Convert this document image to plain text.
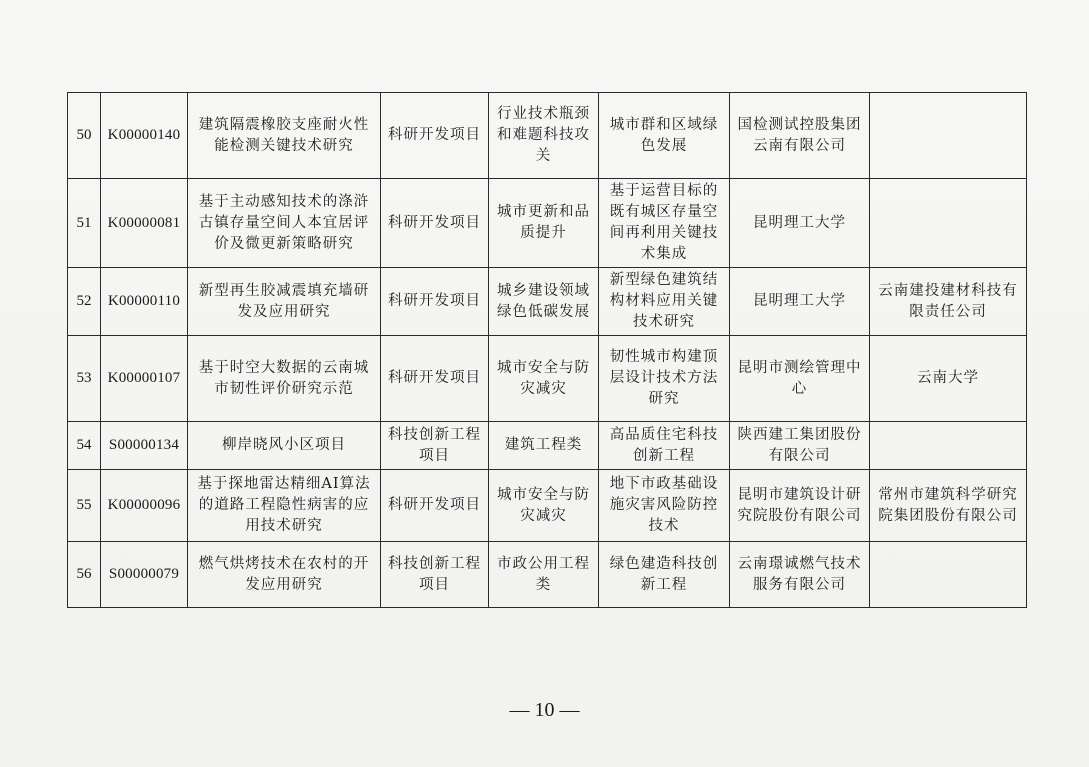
50	K00000140	建筑隔震橡胶支座耐火性能检测关键技术研究	科研开发项目	行业技术瓶颈和难题科技攻关	城市群和区域绿色发展	国检测试控股集团云南有限公司	
51	K00000081	基于主动感知技术的涤浒古镇存量空间人本宜居评价及微更新策略研究	科研开发项目	城市更新和品质提升	基于运营目标的既有城区存量空间再利用关键技术集成	昆明理工大学	
52	K00000110	新型再生胶减震填充墙研发及应用研究	科研开发项目	城乡建设领域绿色低碳发展	新型绿色建筑结构材料应用关键技术研究	昆明理工大学	云南建投建材科技有限责任公司
53	K00000107	基于时空大数据的云南城市韧性评价研究示范	科研开发项目	城市安全与防灾减灾	韧性城市构建顶层设计技术方法研究	昆明市测绘管理中心	云南大学
54	S00000134	柳岸晓风小区项目	科技创新工程项目	建筑工程类	高品质住宅科技创新工程	陕西建工集团股份有限公司	
55	K00000096	基于探地雷达精细AI算法的道路工程隐性病害的应用技术研究	科研开发项目	城市安全与防灾减灾	地下市政基础设施灾害风险防控技术	昆明市建筑设计研究院股份有限公司	常州市建筑科学研究院集团股份有限公司
56	S00000079	燃气烘烤技术在农村的开发应用研究	科技创新工程项目	市政公用工程类	绿色建造科技创新工程	云南璟诚燃气技术服务有限公司	
— 10 —
